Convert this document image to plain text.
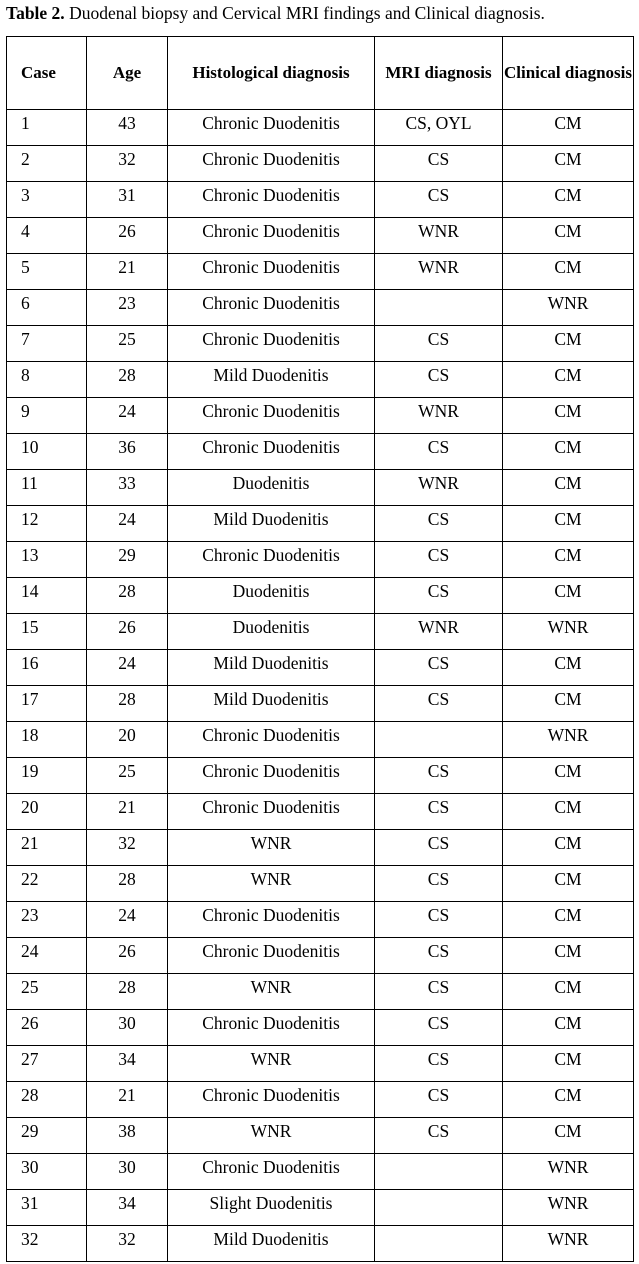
Table 2. Duodenal biopsy and Cervical MRI findings and Clinical diagnosis.
Case	Age	Histological diagnosis	MRI diagnosis	Clinical diagnosis
1	43	Chronic Duodenitis	CS, OYL	CM
2	32	Chronic Duodenitis	CS	CM
3	31	Chronic Duodenitis	CS	CM
4	26	Chronic Duodenitis	WNR	CM
5	21	Chronic Duodenitis	WNR	CM
6	23	Chronic Duodenitis		WNR
7	25	Chronic Duodenitis	CS	CM
8	28	Mild Duodenitis	CS	CM
9	24	Chronic Duodenitis	WNR	CM
10	36	Chronic Duodenitis	CS	CM
11	33	Duodenitis	WNR	CM
12	24	Mild Duodenitis	CS	CM
13	29	Chronic Duodenitis	CS	CM
14	28	Duodenitis	CS	CM
15	26	Duodenitis	WNR	WNR
16	24	Mild Duodenitis	CS	CM
17	28	Mild Duodenitis	CS	CM
18	20	Chronic Duodenitis		WNR
19	25	Chronic Duodenitis	CS	CM
20	21	Chronic Duodenitis	CS	CM
21	32	WNR	CS	CM
22	28	WNR	CS	CM
23	24	Chronic Duodenitis	CS	CM
24	26	Chronic Duodenitis	CS	CM
25	28	WNR	CS	CM
26	30	Chronic Duodenitis	CS	CM
27	34	WNR	CS	CM
28	21	Chronic Duodenitis	CS	CM
29	38	WNR	CS	CM
30	30	Chronic Duodenitis		WNR
31	34	Slight Duodenitis		WNR
32	32	Mild Duodenitis		WNR
